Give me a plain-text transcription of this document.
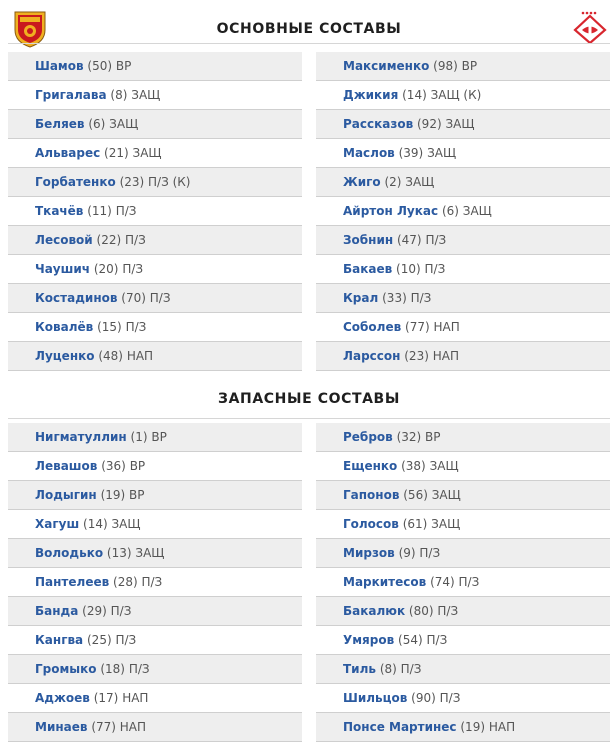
ОСНОВНЫЕ СОСТАВЫ
Шамов (50) ВР
Григалава (8) ЗАЩ
Беляев (6) ЗАЩ
Альварес (21) ЗАЩ
Горбатенко (23) П/З (К)
Ткачёв (11) П/З
Лесовой (22) П/З
Чаушич (20) П/З
Костадинов (70) П/З
Ковалёв (15) П/З
Луценко (48) НАП
Максименко (98) ВР
Джикия (14) ЗАЩ (К)
Рассказов (92) ЗАЩ
Маслов (39) ЗАЩ
Жиго (2) ЗАЩ
Айртон Лукас (6) ЗАЩ
Зобнин (47) П/З
Бакаев (10) П/З
Крал (33) П/З
Соболев (77) НАП
Ларссон (23) НАП
ЗАПАСНЫЕ СОСТАВЫ
Нигматуллин (1) ВР
Левашов (36) ВР
Лодыгин (19) ВР
Хагуш (14) ЗАЩ
Володько (13) ЗАЩ
Пантелеев (28) П/З
Банда (29) П/З
Кангва (25) П/З
Громыко (18) П/З
Аджоев (17) НАП
Минаев (77) НАП
Ребров (32) ВР
Ещенко (38) ЗАЩ
Гапонов (56) ЗАЩ
Голосов (61) ЗАЩ
Мирзов (9) П/З
Маркитесов (74) П/З
Бакалюк (80) П/З
Умяров (54) П/З
Тиль (8) П/З
Шильцов (90) П/З
Понсе Мартинес (19) НАП
